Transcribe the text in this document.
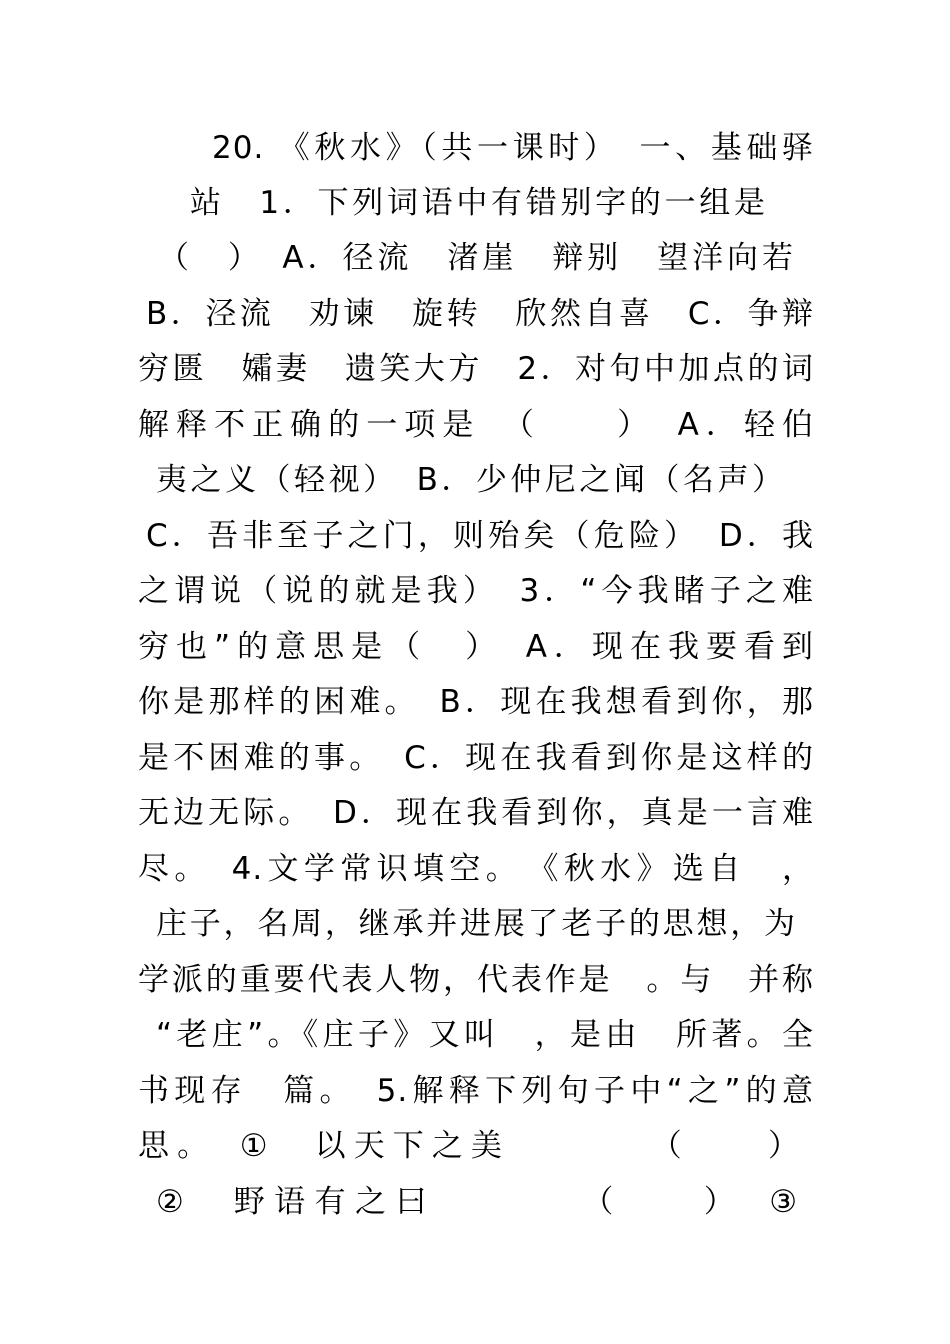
20. 《秋水》（共一课时）　一、基础驿
站　1．下列词语中有错别字的一组是
（　）　A．径流　渚崖　辩别　望洋向若
B．泾流　劝谏　旋转　欣然自喜　C．争辩
穷匮　孀妻　遗笑大方　2．对句中加点的词
解释不正确的一项是　（　　）　A．轻伯
夷之义（轻视）　B．少仲尼之闻（名声）
C．吾非至子之门，则殆矣（危险）　D．我
之谓说（说的就是我）　3．“今我睹子之难
穷也”的意思是（　）　A．现在我要看到
你是那样的困难。　B．现在我想看到你，那
是不困难的事。　C．现在我看到你是这样的
无边无际。　D．现在我看到你，真是一言难
尽。　4.文学常识填空。　《秋水》选自　，
庄子，名周，继承并进展了老子的思想，为
学派的重要代表人物，代表作是　。与　并称
“老庄”。《庄子》又叫　，是由　所著。全
书现存　篇。　5.解释下列句子中“之”的意
思。　①　以天下之美　　　　（　　）
②　野语有之曰　　　　（　　）　③
